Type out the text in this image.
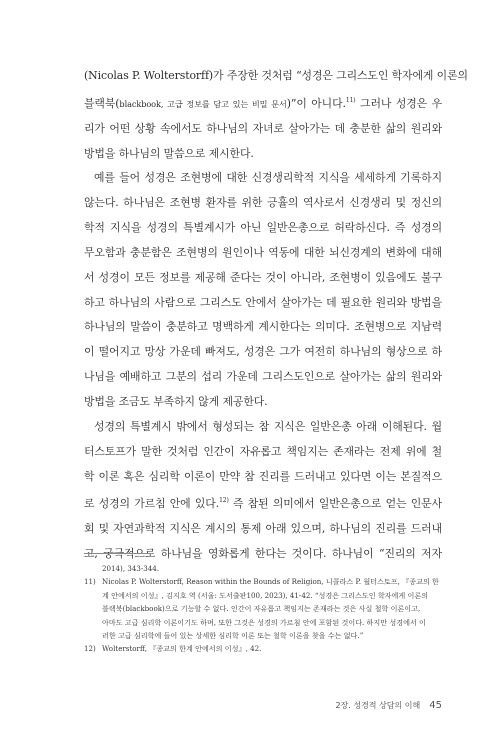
(Nicolas P. Wolterstorff)가 주장한 것처럼 “성경은 그리스도인 학자에게 이론의
블랙북(blackbook, 고급 정보를 담고 있는 비밀 문서)”이 아니다.$^{11)}$ 그러나 성경은 우
리가 어떤 상황 속에서도 하나님의 자녀로 살아가는 데 충분한 삶의 원리와
방법을 하나님의 말씀으로 제시한다.
예를 들어 성경은 조현병에 대한 신경생리학적 지식을 세세하게 기록하지
않는다. 하나님은 조현병 환자를 위한 긍휼의 역사로서 신경생리 및 정신의
학적 지식을 성경의 특별계시가 아닌 일반은총으로 허락하신다. 즉 성경의
무오함과 충분함은 조현병의 원인이나 역동에 대한 뇌신경계의 변화에 대해
서 성경이 모든 정보를 제공해 준다는 것이 아니라, 조현병이 있음에도 불구
하고 하나님의 사람으로 그리스도 안에서 살아가는 데 필요한 원리와 방법을
하나님의 말씀이 충분하고 명백하게 계시한다는 의미다. 조현병으로 지남력
이 떨어지고 망상 가운데 빠져도, 성경은 그가 여전히 하나님의 형상으로 하
나님을 예배하고 그분의 섭리 가운데 그리스도인으로 살아가는 삶의 원리와
방법을 조금도 부족하지 않게 제공한다.
성경의 특별계시 밖에서 형성되는 참 지식은 일반은총 아래 이해된다. 월
터스토프가 말한 것처럼 인간이 자유롭고 책임지는 존재라는 전제 위에 철
학 이론 혹은 심리학 이론이 만약 참 진리를 드러내고 있다면 이는 본질적으
로 성경의 가르침 안에 있다.$^{12)}$ 즉 참된 의미에서 일반은총으로 얻는 인문사
회 및 자연과학적 지식은 계시의 통제 아래 있으며, 하나님의 진리를 드러내
고, 궁극적으로 하나님을 영화롭게 한다는 것이다. 하나님이 “진리의 저자
2014), 343-344.
11) Nicolas P. Wolterstorff, Reason within the Bounds of Religion, 니콜라스 P. 월터스토프, 『종교의 한
계 안에서의 이성』, 김지호 역 (서울: 도서출판100, 2023), 41-42. “성경은 그리스도인 학자에게 이론의
블랙북(blackbook)으로 기능할 수 없다. 인간이 자유롭고 책임지는 존재라는 것은 사실 철학 이론이고,
아마도 고급 심리학 이론이기도 하며, 또한 그것은 성경의 가르침 안에 포함된 것이다. 하지만 성경에서 이
러한 고급 심리학에 들어 있는 상세한 심리학 이론 또는 철학 이론을 찾을 수는 없다.”
12) Wolterstorff, 『종교의 한계 안에서의 이성』, 42.
2장. 성경적 상담의 이해 45
